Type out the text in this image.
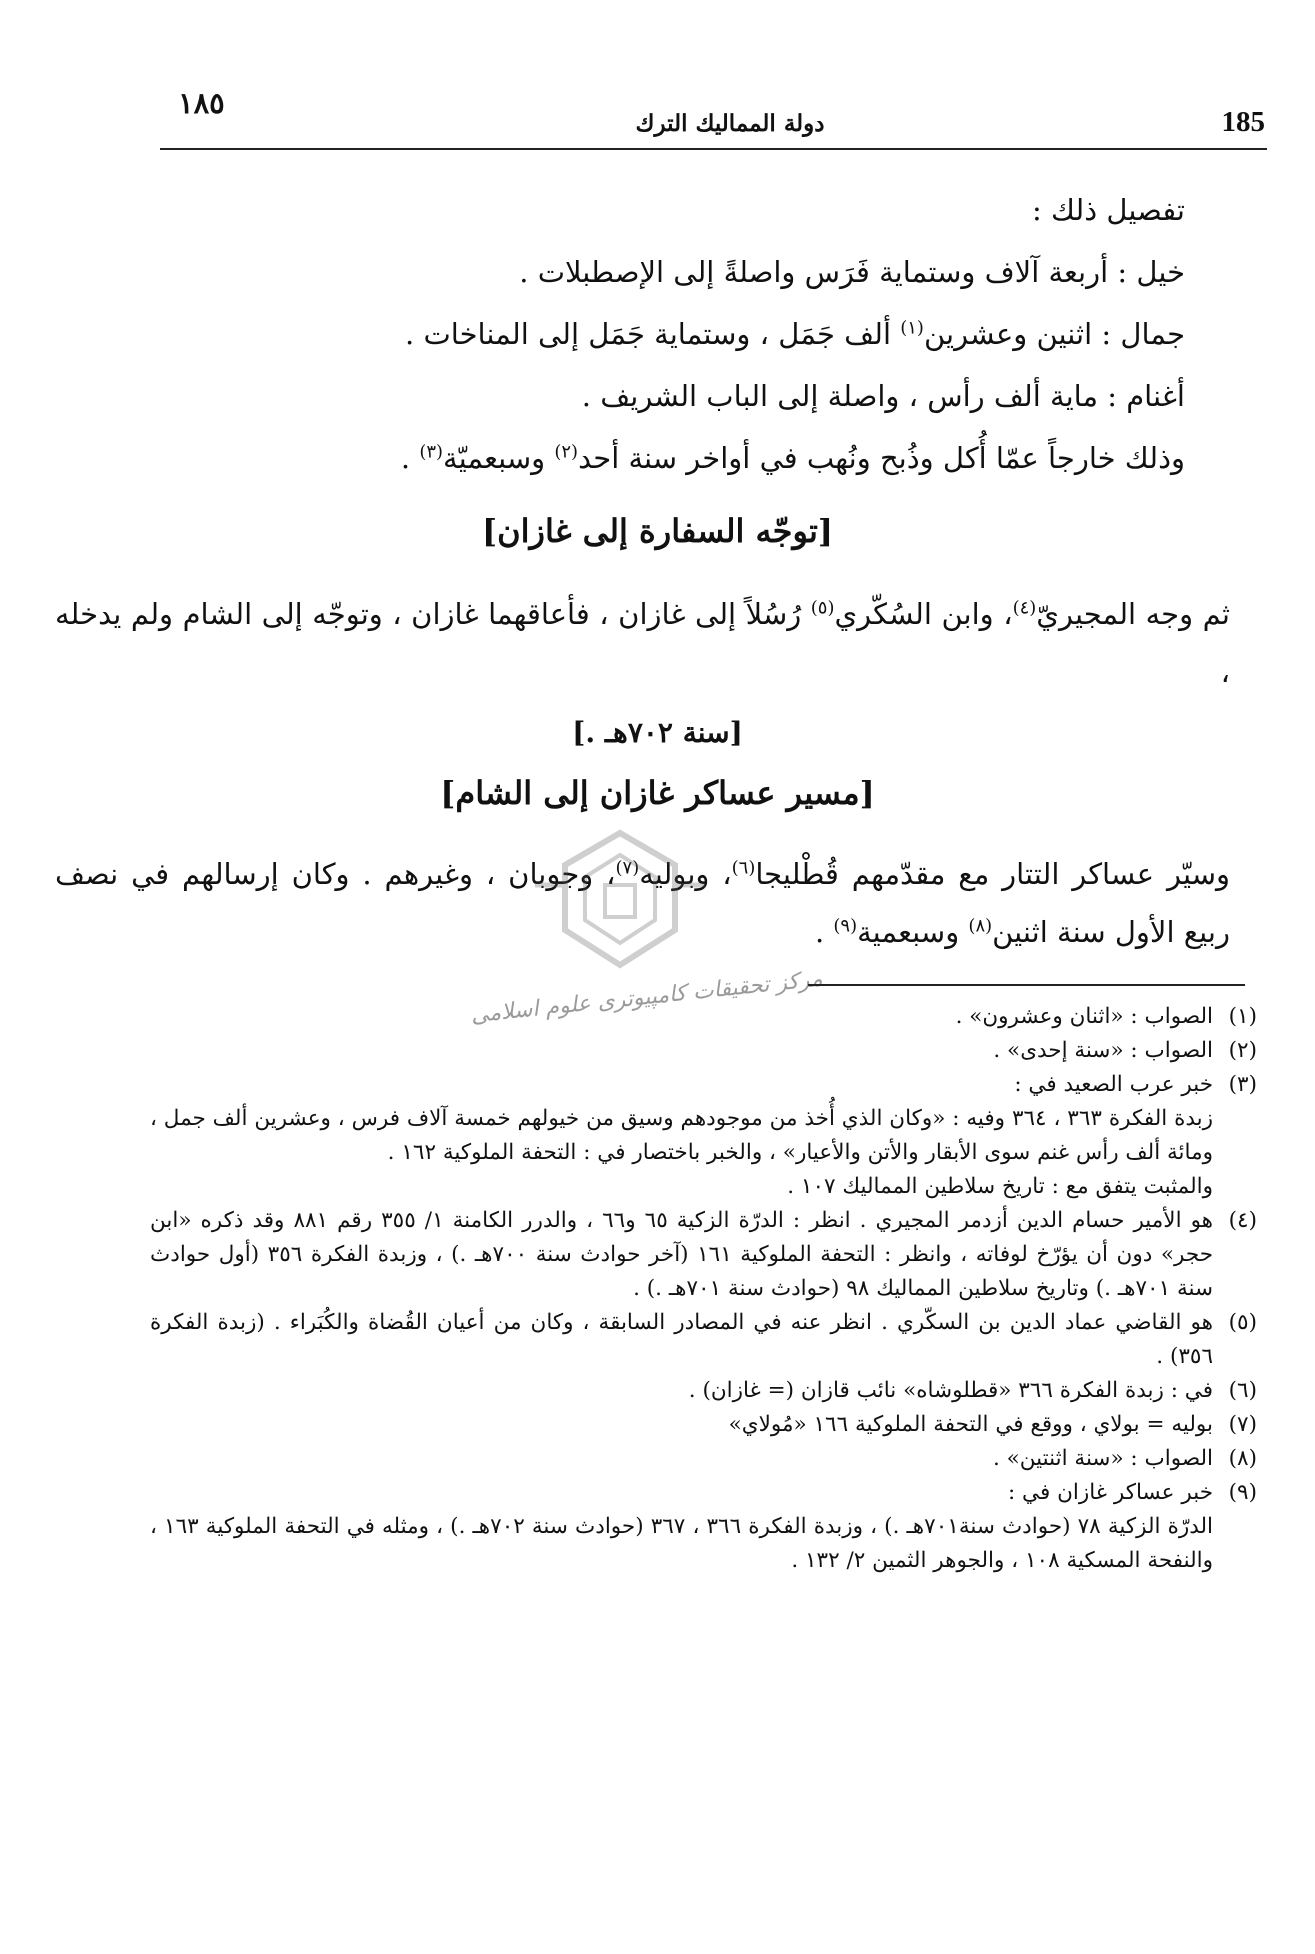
١٨٥
دولة المماليك الترك	185
تفصيل ذلك :
خيل : أربعة آلاف وستماية فَرَس واصلةً إلى الإصطبلات .
جمال : اثنين وعشرين$^{(١)}$ ألف جَمَل ، وستماية جَمَل إلى المناخات .
أغنام : ماية ألف رأس ، واصلة إلى الباب الشريف .
وذلك خارجاً عمّا أُكل وذُبح ونُهب في أواخر سنة أحد$^{(٢)}$ وسبعميّة$^{(٣)}$ .
[توجّه السفارة إلى غازان]
ثم وجه المجيريّ$^{(٤)}$، وابن السُكّري$^{(٥)}$ رُسُلاً إلى غازان ، فأعاقهما غازان ، وتوجّه إلى الشام ولم يدخله ،
[سنة ٧٠٢هـ .]
[مسير عساكر غازان إلى الشام]
وسيّر عساكر التتار مع مقدّمهم قُطْليجا$^{(٦)}$، وبوليه$^{(٧)}$، وجوبان ، وغيرهم . وكان إرسالهم في نصف ربيع الأول سنة اثنين$^{(٨)}$ وسبعمية$^{(٩)}$ .
مركز تحقيقات كامپيوتری علوم اسلامی	(١)
الصواب : «اثنان وعشرون» .
(٢)
الصواب : «سنة إحدى» .
(٣)
خبر عرب الصعيد في :
زبدة الفكرة ٣٦٣ ، ٣٦٤ وفيه : «وكان الذي أُخذ من موجودهم وسيق من خيولهم خمسة آلاف فرس ، وعشرين ألف جمل ، ومائة ألف رأس غنم سوى الأبقار والأتن والأعيار» ، والخبر باختصار في : التحفة الملوكية ١٦٢ .
والمثبت يتفق مع : تاريخ سلاطين المماليك ١٠٧ .
(٤)
هو الأمير حسام الدين أزدمر المجيري . انظر : الدرّة الزكية ٦٥ و٦٦ ، والدرر الكامنة ١/ ٣٥٥ رقم ٨٨١ وقد ذكره «ابن حجر» دون أن يؤرّخ لوفاته ، وانظر : التحفة الملوكية ١٦١ (آخر حوادث سنة ٧٠٠هـ .) ، وزبدة الفكرة ٣٥٦ (أول حوادث سنة ٧٠١هـ .) وتاريخ سلاطين المماليك ٩٨ (حوادث سنة ٧٠١هـ .) .
(٥)
هو القاضي عماد الدين بن السكّري . انظر عنه في المصادر السابقة ، وكان من أعيان القُضاة والكُبَراء . (زبدة الفكرة ٣٥٦) .
(٦)
في : زبدة الفكرة ٣٦٦ «قطلوشاه» نائب قازان (= غازان) .
(٧)
بوليه = بولاي ، ووقع في التحفة الملوكية ١٦٦ «مُولاي»
(٨)
الصواب : «سنة اثنتين» .
(٩)
خبر عساكر غازان في :
الدرّة الزكية ٧٨ (حوادث سنة٧٠١هـ .) ، وزبدة الفكرة ٣٦٦ ، ٣٦٧ (حوادث سنة ٧٠٢هـ .) ، ومثله في التحفة الملوكية ١٦٣ ، والنفحة المسكية ١٠٨ ، والجوهر الثمين ٢/ ١٣٢ .
